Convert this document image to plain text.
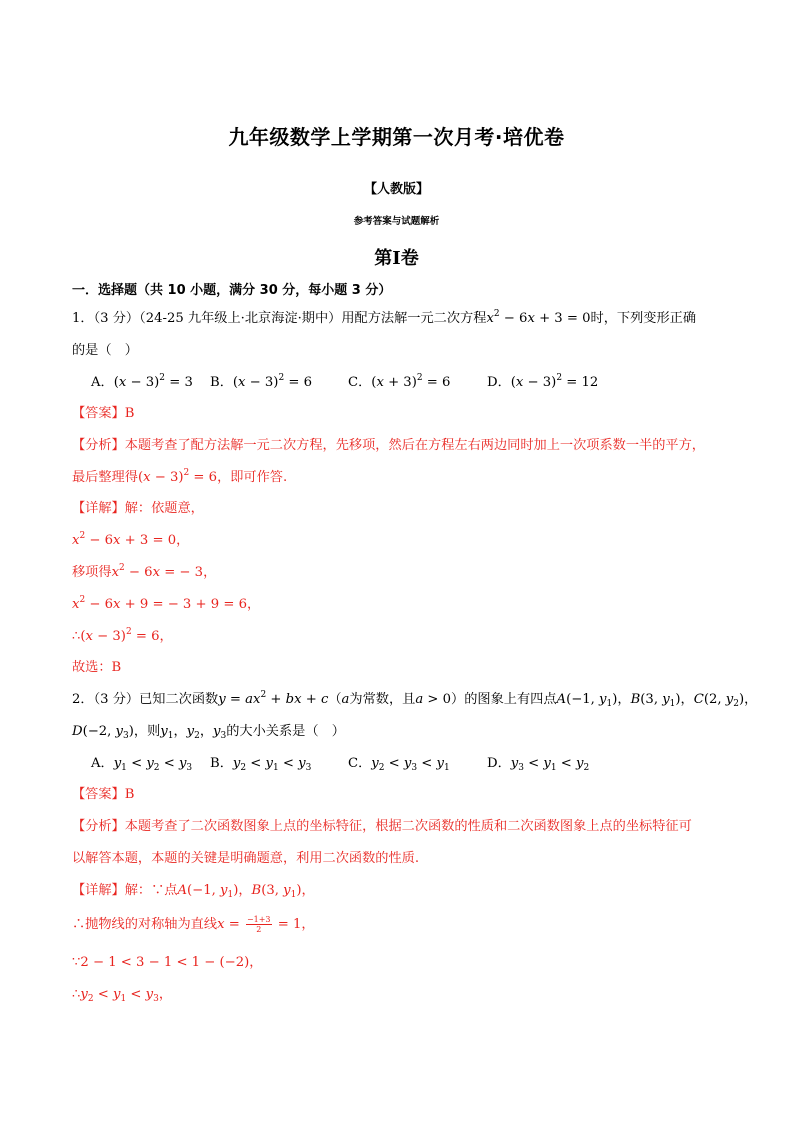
九年级数学上学期第一次月考·培优卷
【人教版】
参考答案与试题解析
第I卷
一．选择题（共 10 小题，满分 30 分，每小题 3 分）
1．（3 分）（24-25 九年级上·北京海淀·期中）用配方法解一元二次方程$x^2 - 6x + 3 = 0$时，下列变形正确
的是（　）
A．$(x - 3)^2 = 3$ B．$(x - 3)^2 = 6$	C．$(x + 3)^2 = 6$	D．$(x - 3)^2 = 12$
【答案】B
【分析】本题考查了配方法解一元二次方程，先移项，然后在方程左右两边同时加上一次项系数一半的平方，
最后整理得$(x - 3)^2 = 6$，即可作答.
【详解】解：依题意，
$x^2 - 6x + 3 = 0$，
移项得$x^2 - 6x$ = − 3，
$x^2 - 6x + 9$ = − 3 + 9 = 6，
∴(x − 3)$^2$ = 6，
故选：B
2．（3 分）已知二次函数$y = ax^2$ + bx + c（a为常数，且a > 0）的图象上有四点A(−1, $y_1$)，B(3, $y_1$)，C(2, $y_2$)，
D(−2, $y_3$)，则$y_1$，$y_2$，$y_3$的大小关系是（　）
A．$y_1 < y_2 < y_3$ B．$y_2 < y_1 < y_3$	C．$y_2 < y_3 < y_1$	D．$y_3 < y_1 < y_2$
【答案】B
【分析】本题考查了二次函数图象上点的坐标特征，根据二次函数的性质和二次函数图象上点的坐标特征可
以解答本题，本题的关键是明确题意，利用二次函数的性质.
【详解】解：∵点A(−1, $y_1$)，B(3, $y_1$)，
∴抛物线的对称轴为直线$x = \frac{-1+3}{2} = 1$，
∵2 − 1 < 3 − 1 < 1 − (−2)，
$\therefore y_2 < y_1 < y_3$，
